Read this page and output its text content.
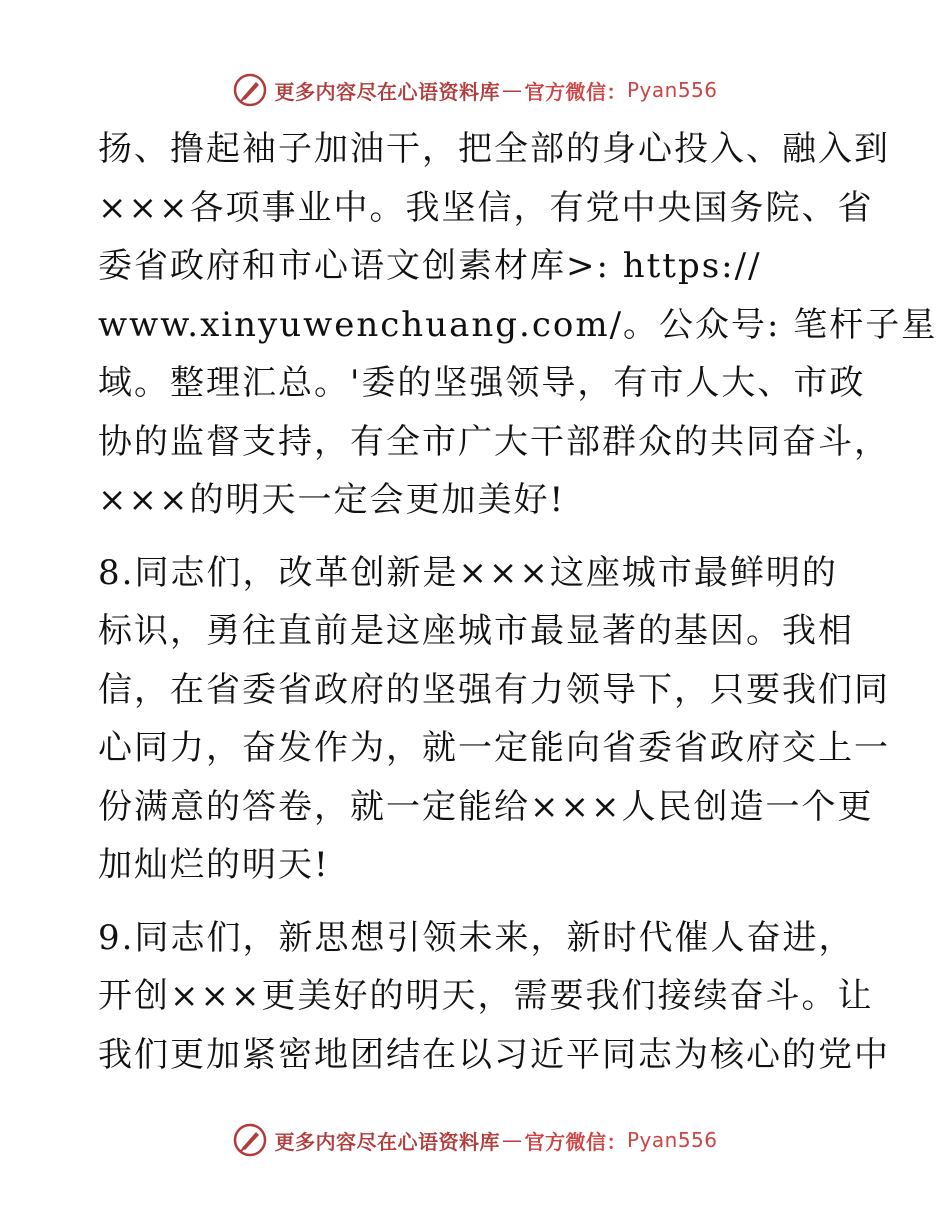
更多内容尽在心语资料库 — 官方微信： Pyan556
扬、撸起袖子加油干，把全部的身心投入、融入到
×××各项事业中。我坚信，有党中央国务院、省
委省政府和市心语文创素材库>: https://
www.xinyuwenchuang.com/。公众号: 笔杆子星
域。整理汇总。'委的坚强领导，有市人大、市政
协的监督支持，有全市广大干部群众的共同奋斗，
×××的明天一定会更加美好!
8.同志们，改革创新是×××这座城市最鲜明的
标识，勇往直前是这座城市最显著的基因。我相
信，在省委省政府的坚强有力领导下，只要我们同
心同力，奋发作为，就一定能向省委省政府交上一
份满意的答卷，就一定能给×××人民创造一个更
加灿烂的明天!
9.同志们，新思想引领未来，新时代催人奋进，
开创×××更美好的明天，需要我们接续奋斗。让
我们更加紧密地团结在以习近平同志为核心的党中
更多内容尽在心语资料库 — 官方微信： Pyan556
